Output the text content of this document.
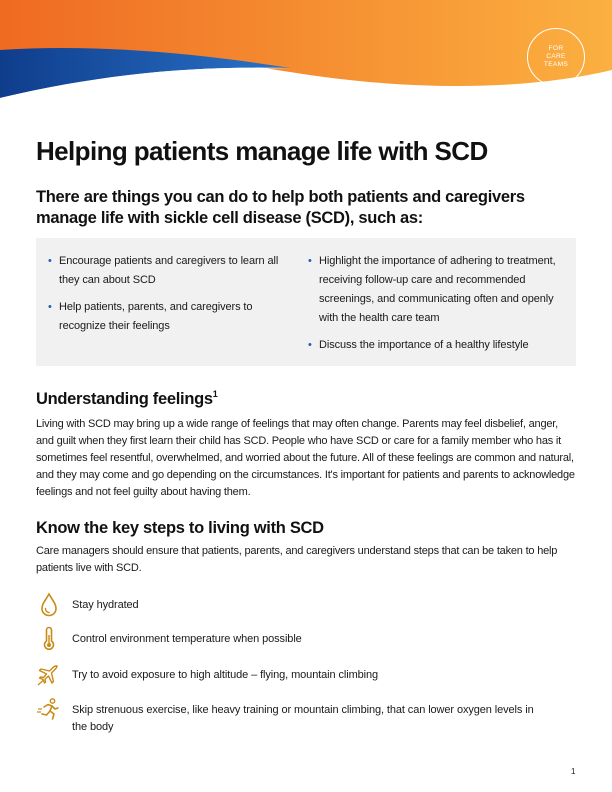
FOR
CARE
TEAMS
Helping patients manage life with SCD
There are things you can do to help both patients and caregivers manage life with sickle cell disease (SCD), such as:
• Encourage patients and caregivers to learn all they can about SCD
• Help patients, parents, and caregivers to recognize their feelings
• Highlight the importance of adhering to treatment, receiving follow-up care and recommended screenings, and communicating often and openly with the health care team
• Discuss the importance of a healthy lifestyle
Understanding feelings$^1$

Living with SCD may bring up a wide range of feelings that may often change. Parents may feel disbelief, anger, and guilt when they first learn their child has SCD. People who have SCD or care for a family member who has it sometimes feel resentful, overwhelmed, and worried about the future. All of these feelings are common and natural, and they may come and go depending on the circumstances. It's important for patients and parents to acknowledge feelings and not feel guilty about having them.

Know the key steps to living with SCD

Care managers should ensure that patients, parents, and caregivers understand steps that can be taken to help patients live with SCD.

Stay hydrated
Control environment temperature when possible
Try to avoid exposure to high altitude – flying, mountain climbing
Skip strenuous exercise, like heavy training or mountain climbing, that can lower oxygen levels in the body
1
